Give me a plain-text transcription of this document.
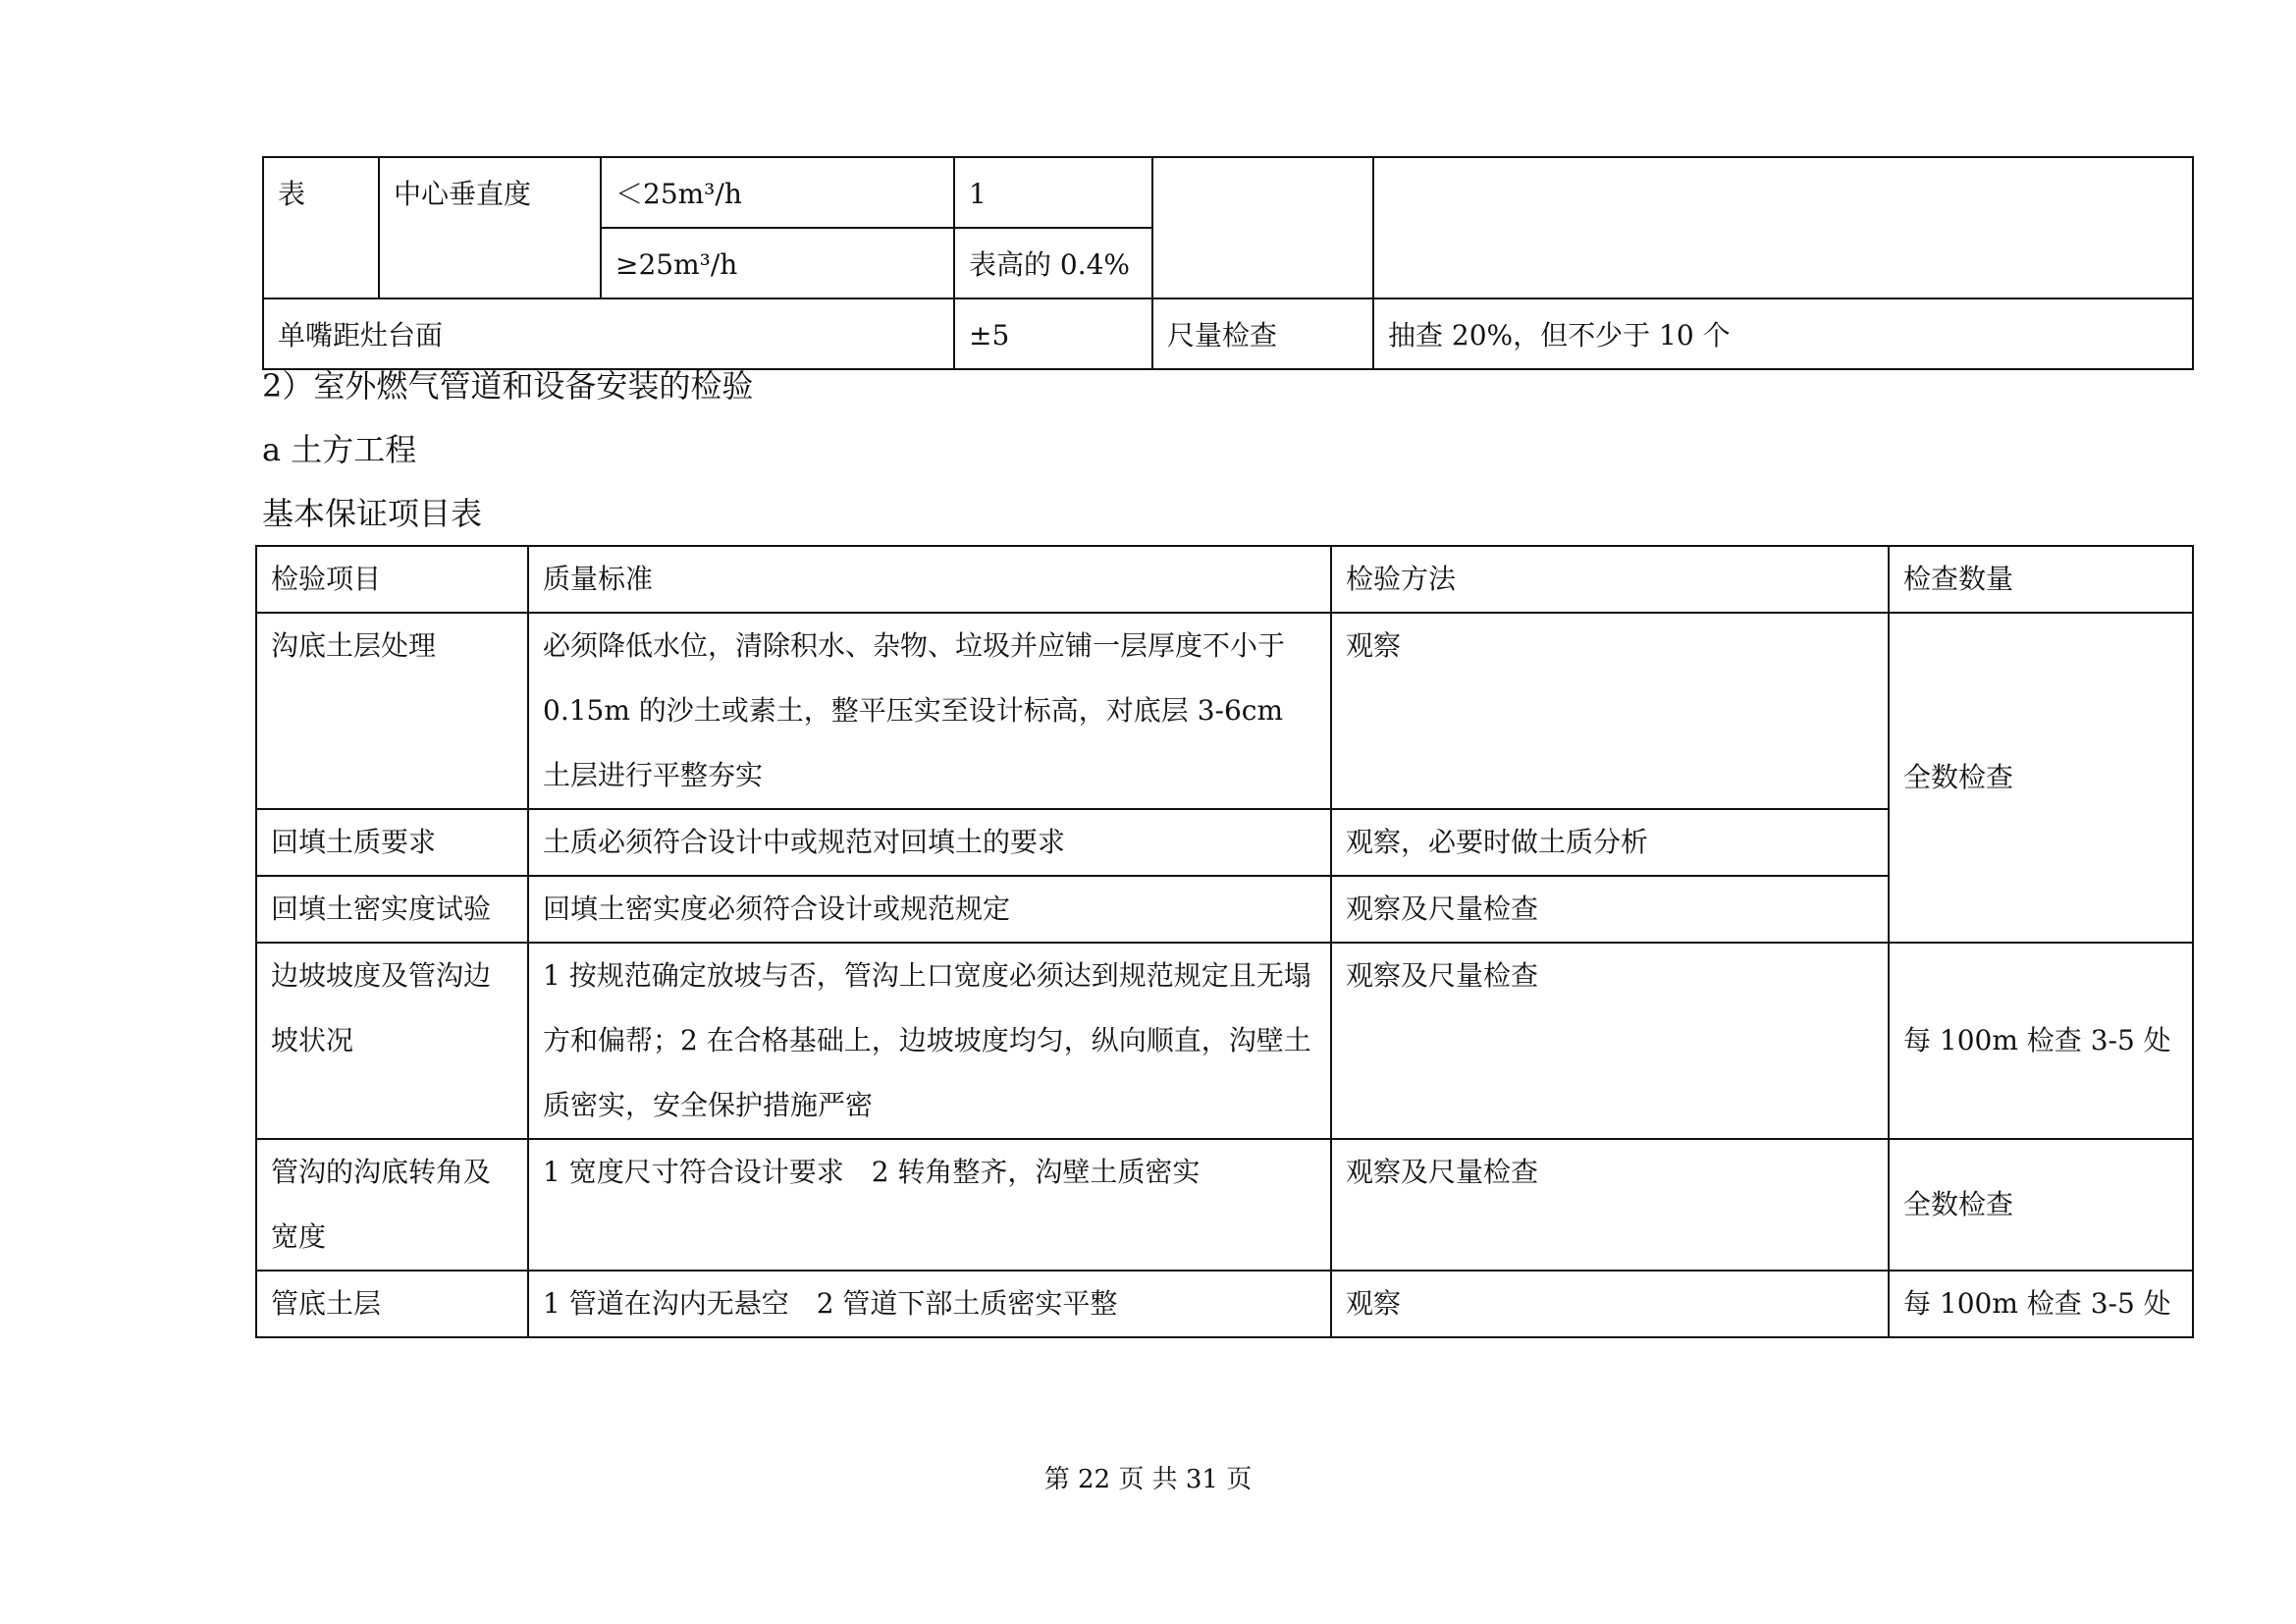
表	中心垂直度	＜25m³/h	1		
		≥25m³/h	表高的 0.4%		
单嘴距灶台面			±5	尺量检查	抽查 20%，但不少于 10 个
2）室外燃气管道和设备安装的检验
a 土方工程
基本保证项目表
检验项目	质量标准	检验方法	检查数量
沟底土层处理	必须降低水位，清除积水、杂物、垃圾并应铺一层厚度不小于0.15m 的沙土或素土，整平压实至设计标高，对底层 3-6cm 土层进行平整夯实	观察	全数检查
回填土质要求	土质必须符合设计中或规范对回填土的要求	观察，必要时做土质分析	
回填土密实度试验	回填土密实度必须符合设计或规范规定	观察及尺量检查	
边坡坡度及管沟边坡状况	1 按规范确定放坡与否，管沟上口宽度必须达到规范规定且无塌方和偏帮；2 在合格基础上，边坡坡度均匀，纵向顺直，沟壁土质密实，安全保护措施严密	观察及尺量检查	每 100m 检查 3-5 处
管沟的沟底转角及宽度	1 宽度尺寸符合设计要求　2 转角整齐，沟壁土质密实	观察及尺量检查	全数检查
管底土层	1 管道在沟内无悬空　2 管道下部土质密实平整	观察	每 100m 检查 3-5 处
第 22 页 共 31 页
